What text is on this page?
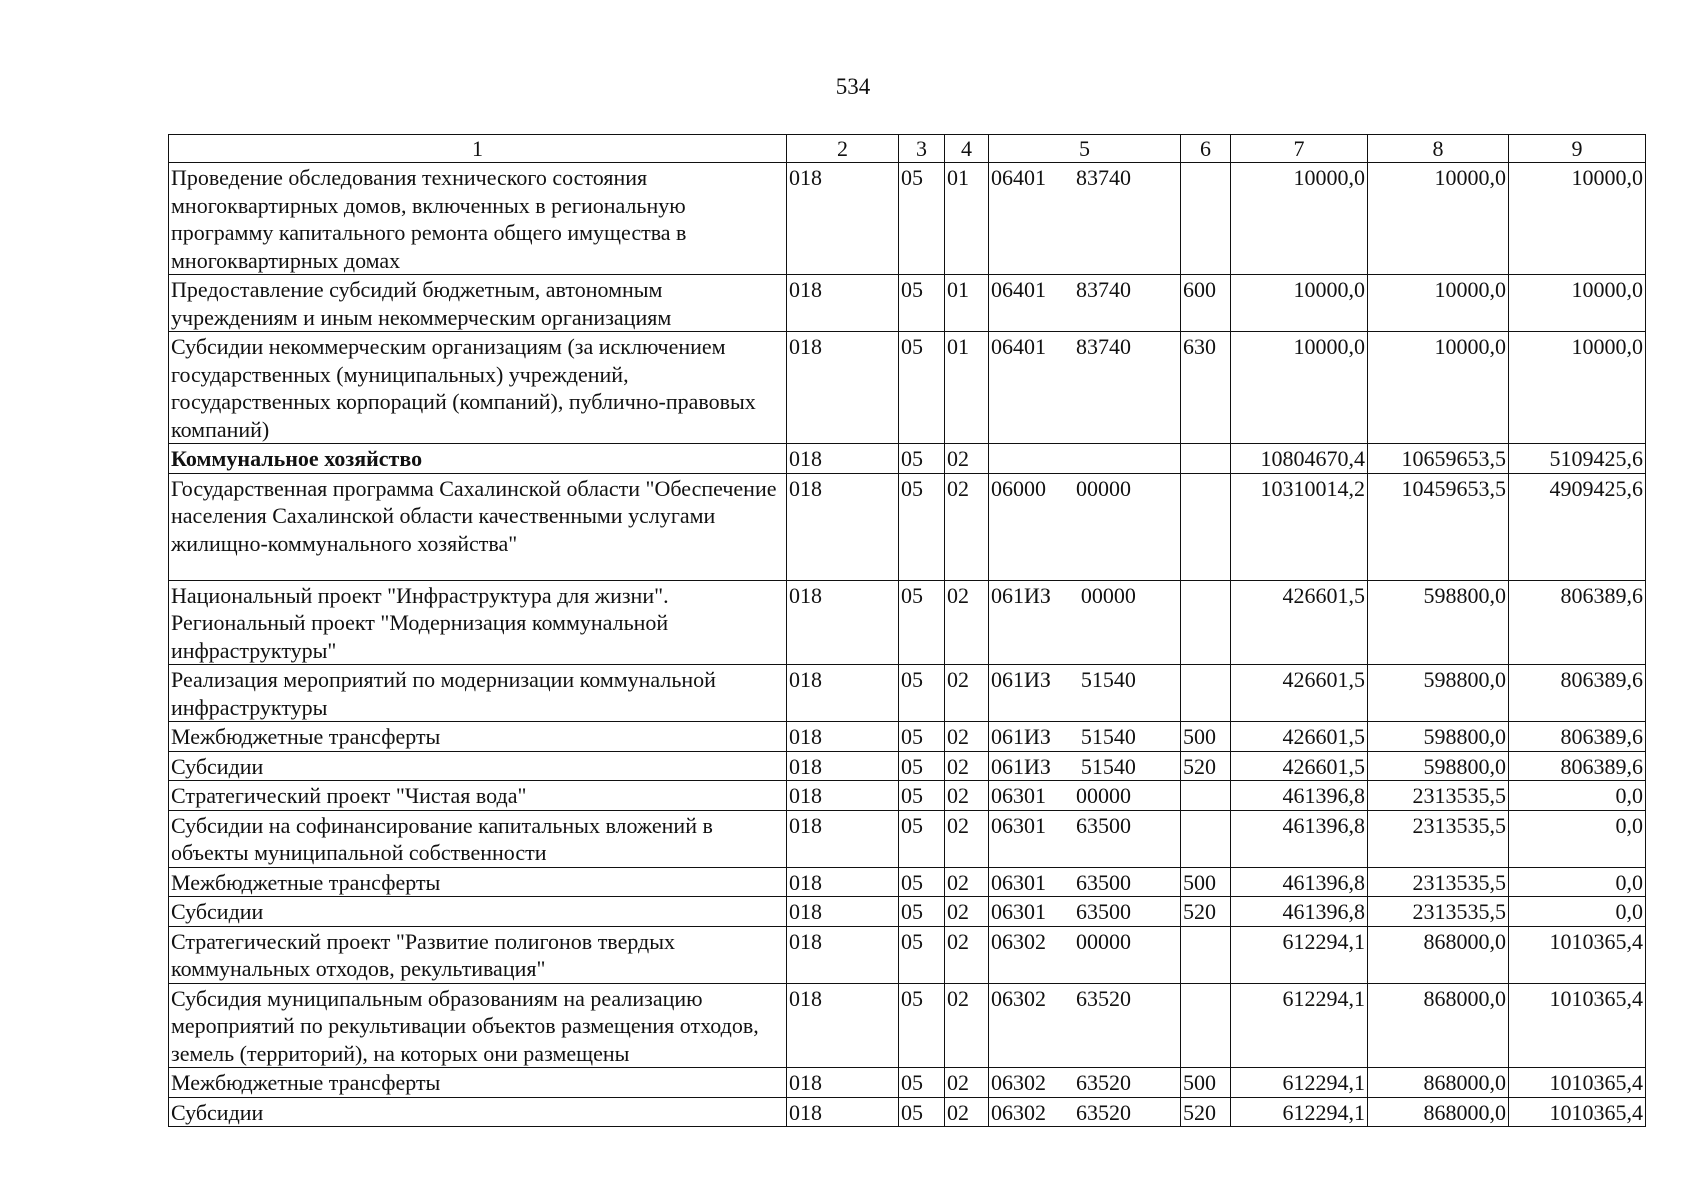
534
1	2	3	4	5	6	7	8	9
Проведение обследования технического состояния многоквартирных домов, включенных в региональную программу капитального ремонта общего имущества в многоквартирных домах	018	05	01	06401 83740		10000,0	10000,0	10000,0
Предоставление субсидий бюджетным, автономным учреждениям и иным некоммерческим организациям	018	05	01	06401 83740	600	10000,0	10000,0	10000,0
Субсидии некоммерческим организациям (за исключением государственных (муниципальных) учреждений, государственных корпораций (компаний), публично-правовых компаний)	018	05	01	06401 83740	630	10000,0	10000,0	10000,0
Коммунальное хозяйство	018	05	02			10804670,4	10659653,5	5109425,6
Государственная программа Сахалинской области "Обеспечение населения Сахалинской области качественными услугами жилищно-коммунального хозяйства"	018	05	02	06000 00000		10310014,2	10459653,5	4909425,6
Национальный проект "Инфраструктура для жизни". Региональный проект "Модернизация коммунальной инфраструктуры"	018	05	02	061ИЗ 00000		426601,5	598800,0	806389,6
Реализация мероприятий по модернизации коммунальной инфраструктуры	018	05	02	061ИЗ 51540		426601,5	598800,0	806389,6
Межбюджетные трансферты	018	05	02	061ИЗ 51540	500	426601,5	598800,0	806389,6
Субсидии	018	05	02	061ИЗ 51540	520	426601,5	598800,0	806389,6
Стратегический проект "Чистая вода"	018	05	02	06301 00000		461396,8	2313535,5	0,0
Субсидии на софинансирование капитальных вложений в объекты муниципальной собственности	018	05	02	06301 63500		461396,8	2313535,5	0,0
Межбюджетные трансферты	018	05	02	06301 63500	500	461396,8	2313535,5	0,0
Субсидии	018	05	02	06301 63500	520	461396,8	2313535,5	0,0
Стратегический проект "Развитие полигонов твердых коммунальных отходов, рекультивация"	018	05	02	06302 00000		612294,1	868000,0	1010365,4
Субсидия муниципальным образованиям на реализацию мероприятий по рекультивации объектов размещения отходов, земель (территорий), на которых они размещены	018	05	02	06302 63520		612294,1	868000,0	1010365,4
Межбюджетные трансферты	018	05	02	06302 63520	500	612294,1	868000,0	1010365,4
Субсидии	018	05	02	06302 63520	520	612294,1	868000,0	1010365,4
